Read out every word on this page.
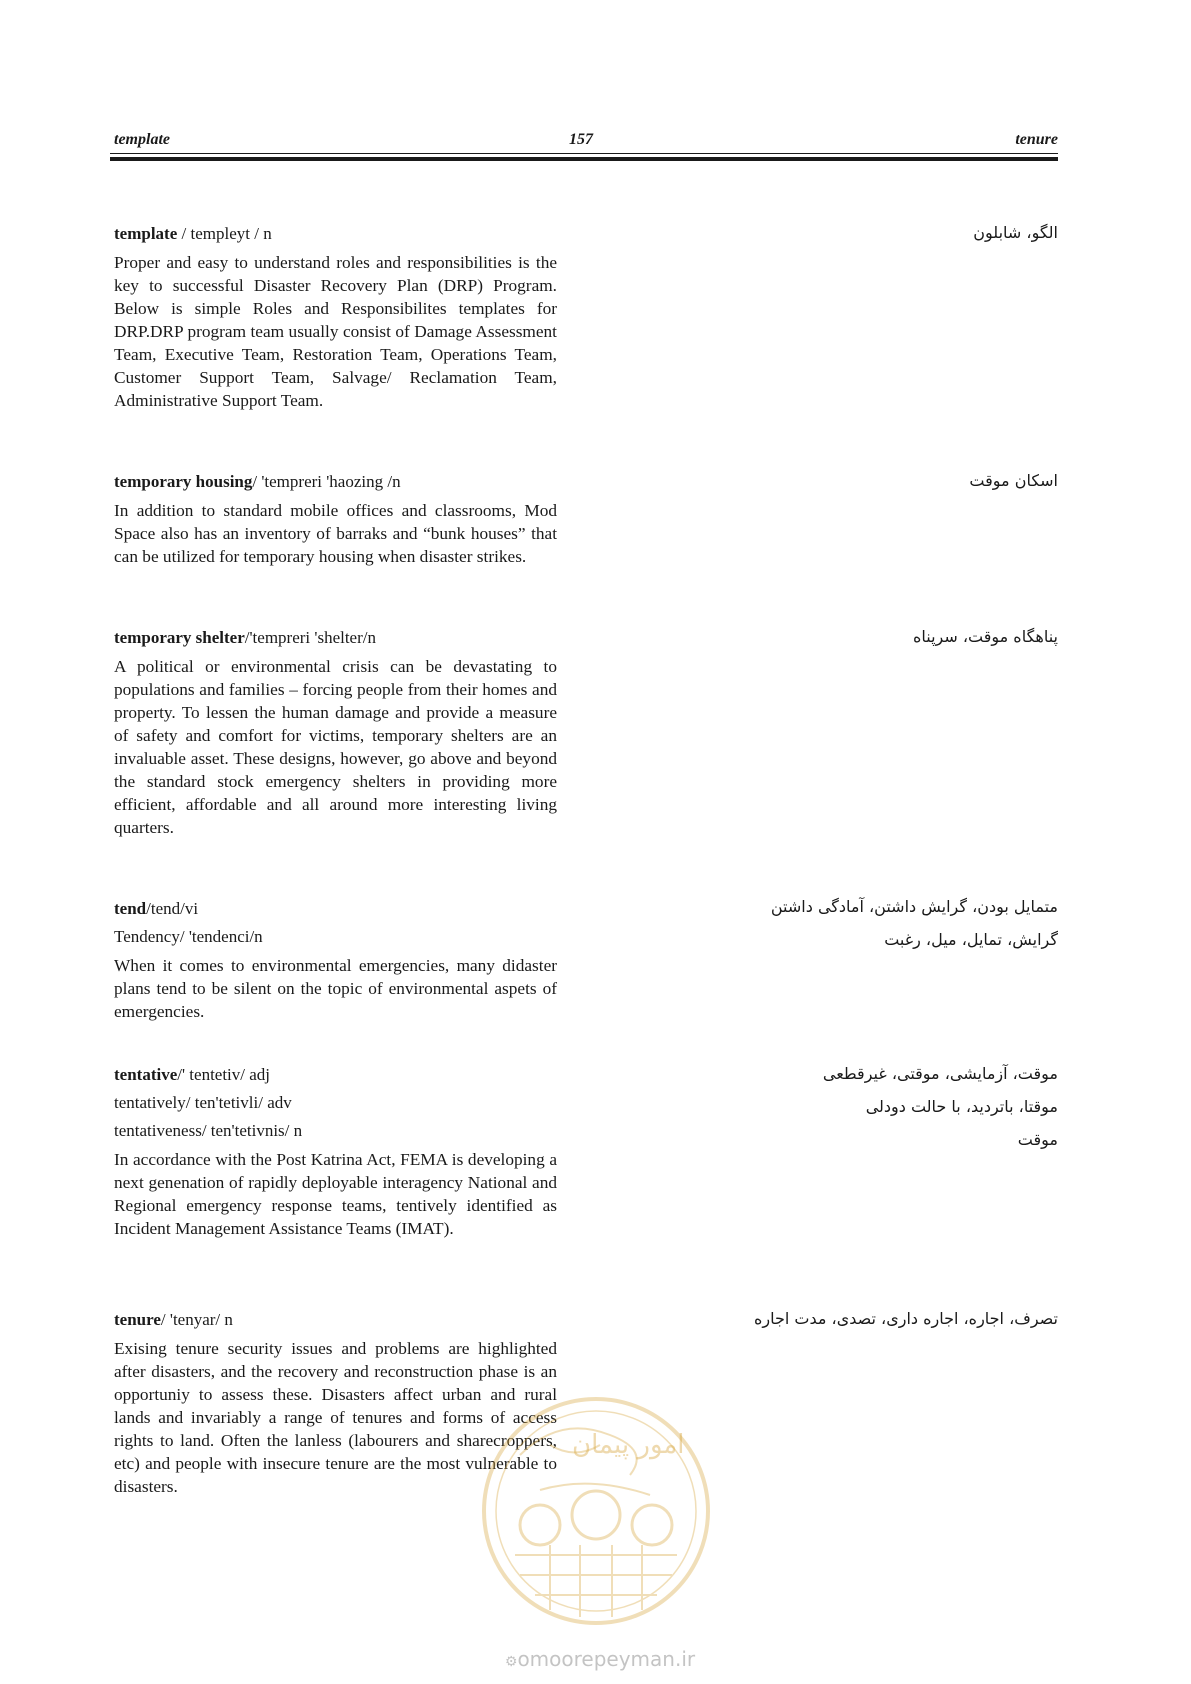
template	157	tenure

template / templeyt / n

Proper and easy to understand roles and responsibilities is the key to successful Disaster Recovery Plan (DRP) Program. Below is simple Roles and Responsibilites templates for DRP.DRP program team usually consist of Damage Assessment Team, Executive Team, Restoration Team, Operations Team, Customer Support Team, Salvage/ Reclamation Team, Administrative Support Team.

الگو، شابلون

temporary housing/ 'tempreri 'haozing /n

In addition to standard mobile offices and classrooms, Mod Space also has an inventory of barraks and “bunk houses” that can be utilized for temporary housing when disaster strikes.

اسکان موقت

temporary shelter/'tempreri 'shelter/n

A political or environmental crisis can be devastating to populations and families – forcing people from their homes and property. To lessen the human damage and provide a measure of safety and comfort for victims, temporary shelters are an invaluable asset. These designs, however, go above and beyond the standard stock emergency shelters in providing more efficient, affordable and all around more interesting living quarters.

پناهگاه موقت، سرپناه

tend/tend/vi

Tendency/ 'tendenci/n

When it comes to environmental emergencies, many didaster plans tend to be silent on the topic of environmental aspets of emergencies.

متمایل بودن، گرایش داشتن، آمادگی داشتن
گرایش، تمایل، میل، رغبت

tentative/' tentetiv/ adj

tentatively/ ten'tetivli/ adv

tentativeness/ ten'tetivnis/ n

In accordance with the Post Katrina Act, FEMA is developing a next genenation of rapidly deployable interagency National and Regional emergency response teams, tentively identified as Incident Management Assistance Teams (IMAT).

موقت، آزمایشی، موقتی، غیرقطعی
موقتا، باتردید، با حالت دودلی
موقت

tenure/ 'tenyar/ n

Exising tenure security issues and problems are highlighted after disasters, and the recovery and reconstruction phase is an opportuniy to assess these. Disasters affect urban and rural lands and invariably a range of tenures and forms of access rights to land. Often the lanless (labourers and sharecroppers, etc) and people with insecure tenure are the most vulnerable to disasters.

تصرف، اجاره، اجاره داری، تصدی، مدت اجاره
امور پیمان
⚙omoorepeyman.ir
